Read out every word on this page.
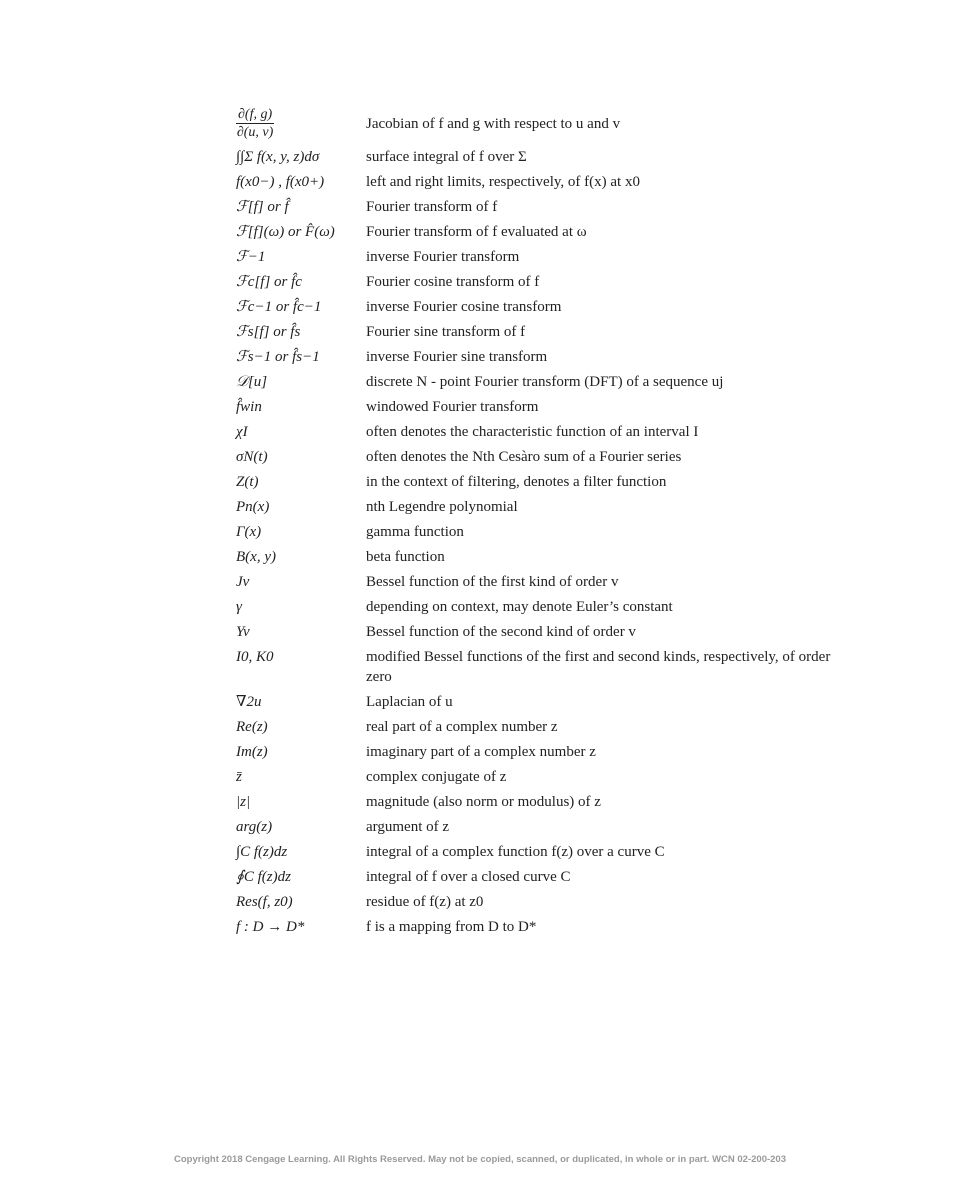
$\frac{\partial(f, g)}{\partial(u, v)}$	Jacobian of f and g with respect to u and v
∫∫Σ f(x, y, z)dσ	surface integral of f over Σ
f(x0−) , f(x0+)	left and right limits, respectively, of f(x) at x0
ℱ[f] or f̂	Fourier transform of f
ℱ[f](ω) or F̂(ω)	Fourier transform of f evaluated at ω
ℱ−1	inverse Fourier transform
ℱc[f] or f̂c	Fourier cosine transform of f
ℱc−1 or f̂c−1	inverse Fourier cosine transform
ℱs[f] or f̂s	Fourier sine transform of f
ℱs−1 or f̂s−1	inverse Fourier sine transform
𝒟[u]	discrete N - point Fourier transform (DFT) of a sequence uj
f̂win	windowed Fourier transform
χI	often denotes the characteristic function of an interval I
σN(t)	often denotes the Nth Cesàro sum of a Fourier series
Z(t)	in the context of filtering, denotes a filter function
Pn(x)	nth Legendre polynomial
Γ(x)	gamma function
B(x, y)	beta function
Jv	Bessel function of the first kind of order v
γ	depending on context, may denote Euler’s constant
Yv	Bessel function of the second kind of order v
I0, K0	modified Bessel functions of the first and second kinds, respectively, of order zero
∇2u	Laplacian of u
Re(z)	real part of a complex number z
Im(z)	imaginary part of a complex number z
z̄	complex conjugate of z
|z|	magnitude (also norm or modulus) of z
arg(z)	argument of z
∫C f(z)dz	integral of a complex function f(z) over a curve C
∮C f(z)dz	integral of f over a closed curve C
Res(f, z0)	residue of f(z) at z0
f : D → D*	f is a mapping from D to D*
Copyright 2018 Cengage Learning. All Rights Reserved. May not be copied, scanned, or duplicated, in whole or in part. WCN 02-200-203
